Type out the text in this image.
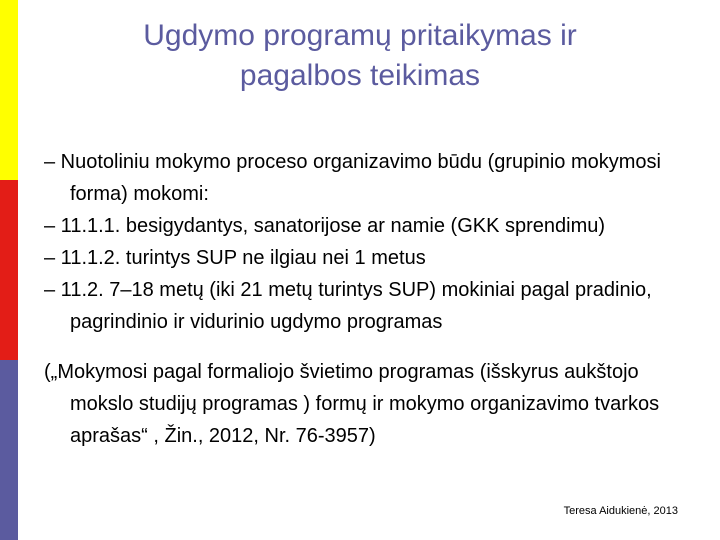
Ugdymo programų pritaikymas ir
pagalbos teikimas

– Nuotoliniu mokymo proceso organizavimo būdu (grupinio mokymosi forma) mokomi:

– 11.1.1. besigydantys, sanatorijose ar namie (GKK sprendimu)

– 11.1.2. turintys SUP ne ilgiau nei 1 metus

– 11.2. 7–18 metų (iki 21 metų turintys SUP) mokiniai pagal pradinio, pagrindinio ir vidurinio ugdymo programas

(„Mokymosi pagal formaliojo švietimo programas (išskyrus aukštojo mokslo studijų programas ) formų ir mokymo organizavimo tvarkos aprašas“ , Žin., 2012, Nr. 76-3957)

Teresa Aidukienė, 2013
